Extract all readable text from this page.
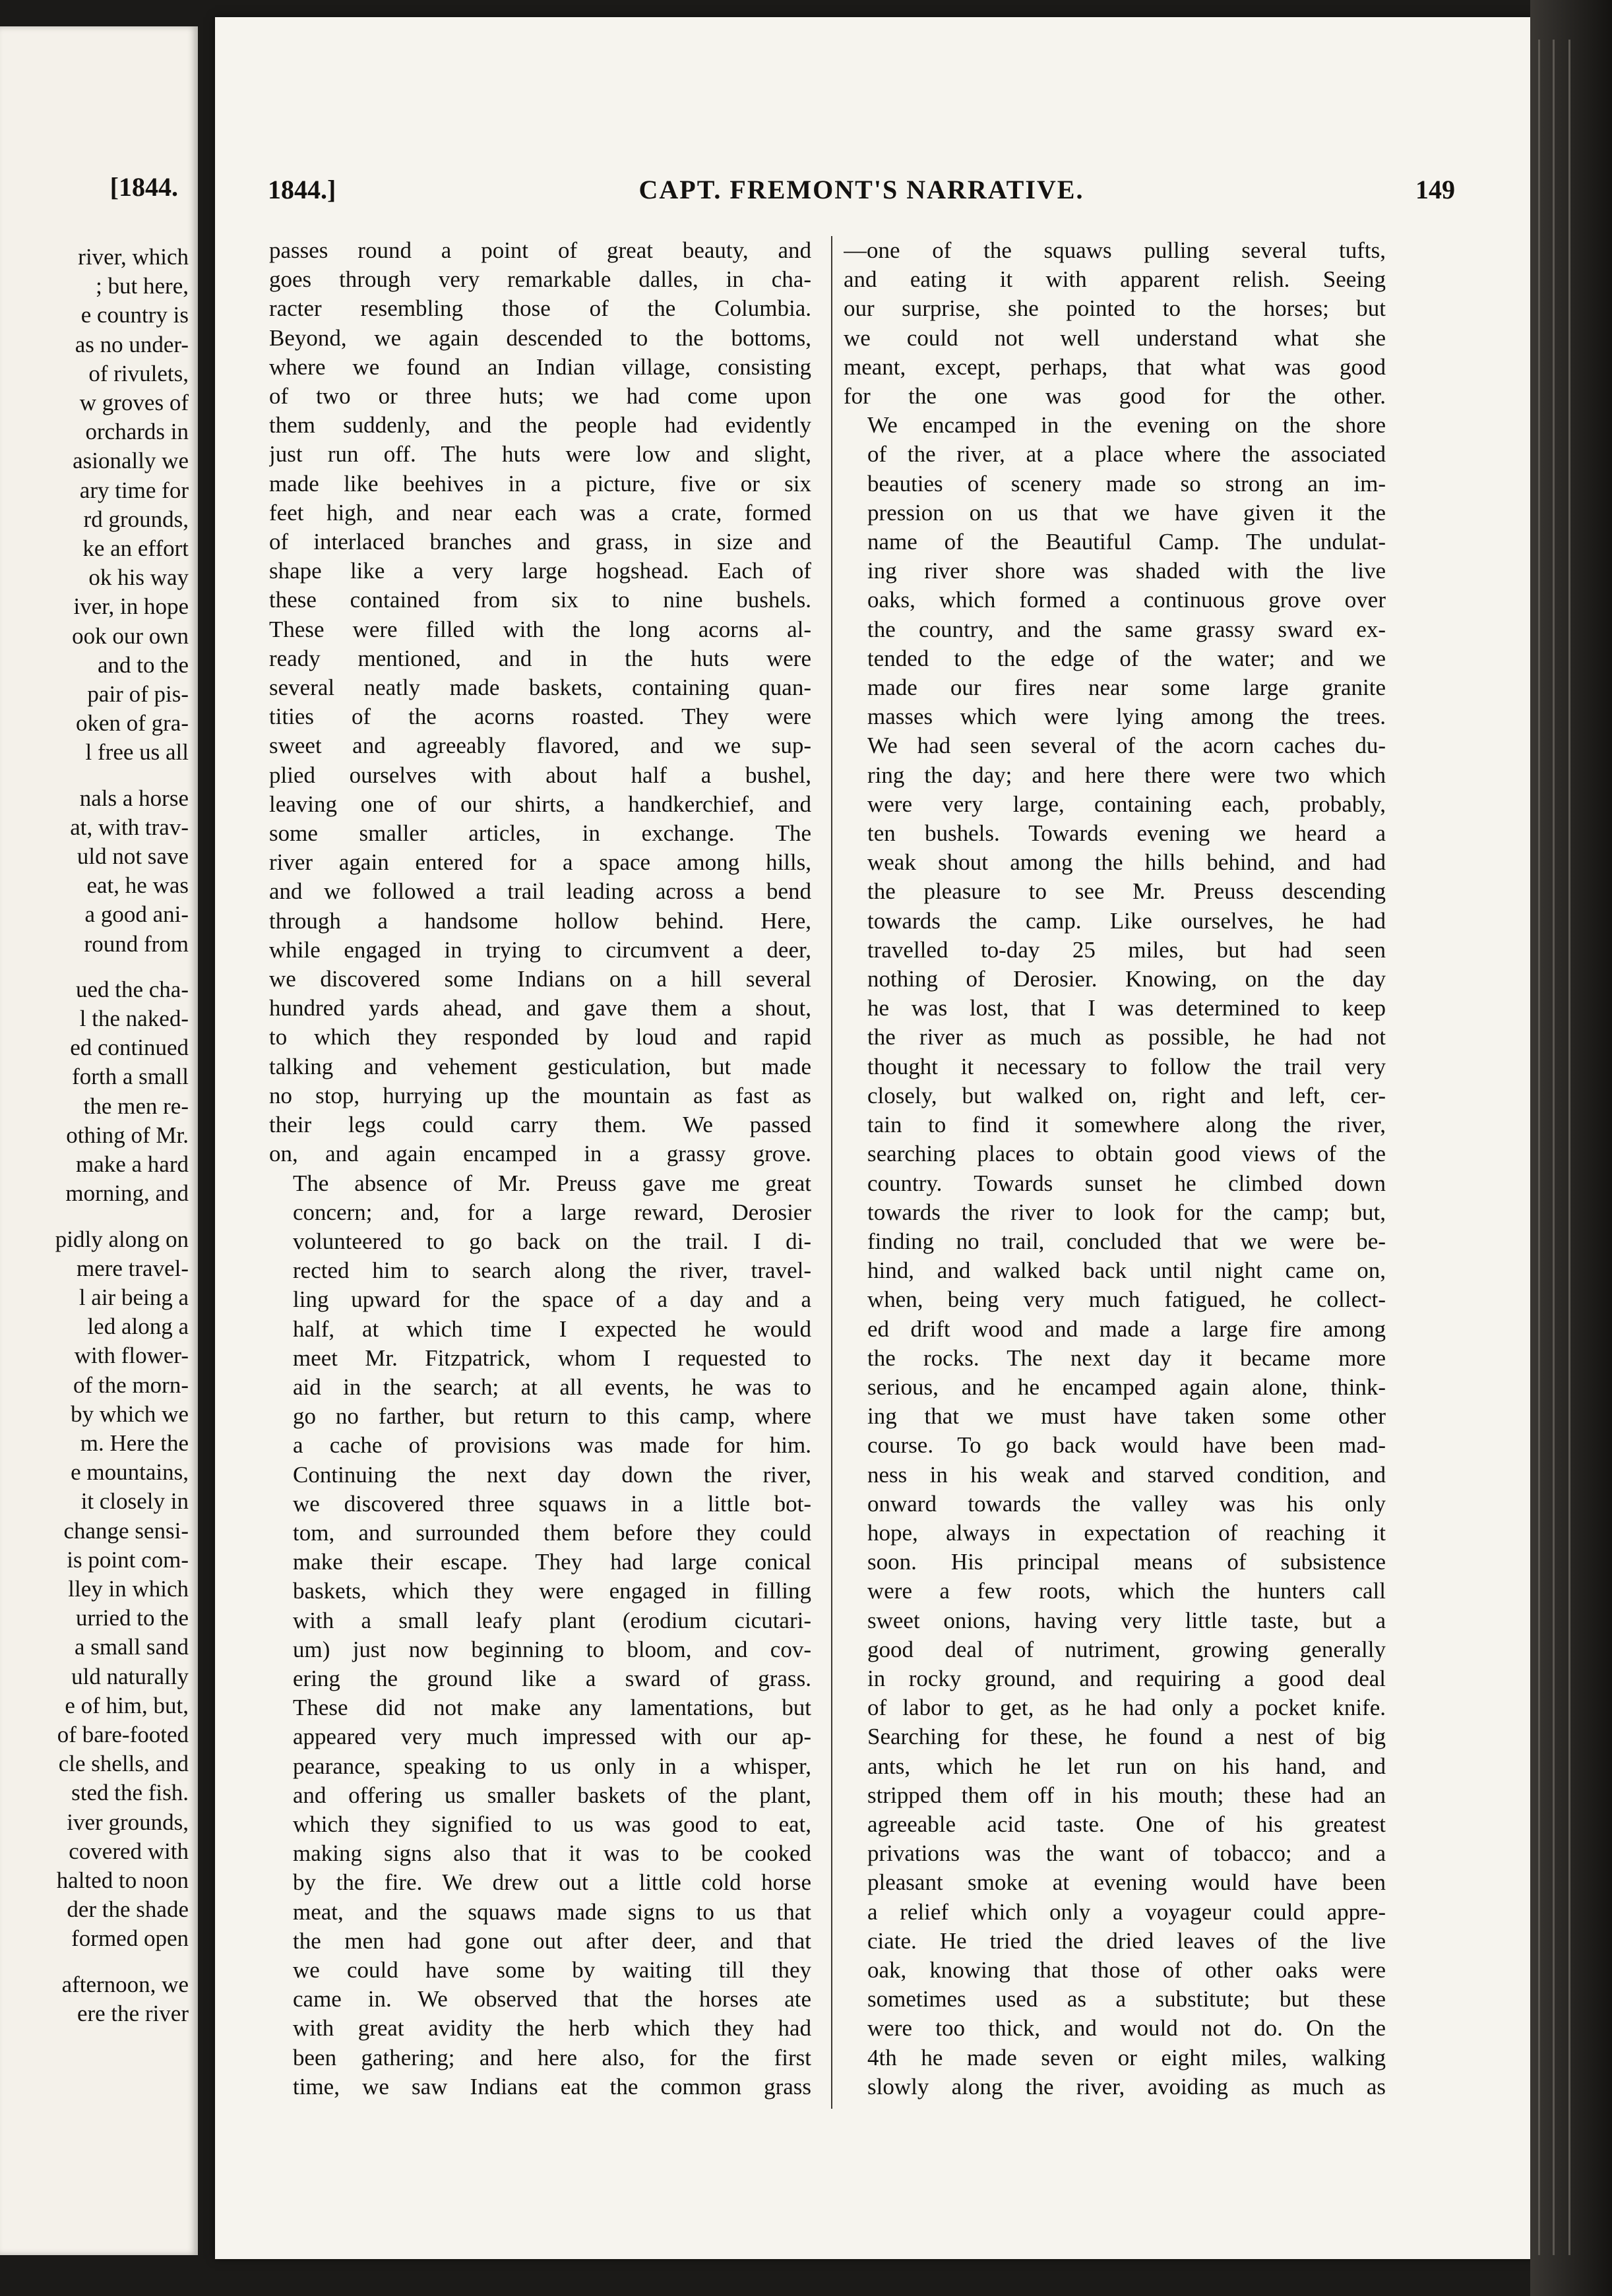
[1844.
river, which
; but here,
e country is
as no under-
of rivulets,
w groves of
orchards in
asionally we
ary time for
rd grounds,
ke an effort
ok his way
iver, in hope
ook our own
and to the
pair of pis-
oken of gra-
l free us all
nals a horse
at, with trav-
uld not save
eat, he was
a good ani-
round from
ued the cha-
l the naked-
ed continued
forth a small
the men re-
othing of Mr.
make a hard
morning, and
pidly along on
mere travel-
l air being a
led along a
with flower-
of the morn-
by which we
m. Here the
e mountains,
it closely in
change sensi-
is point com-
lley in which
urried to the
a small sand
uld naturally
e of him, but,
of bare-footed
cle shells, and
sted the fish.
iver grounds,
covered with
halted to noon
der the shade
formed open
afternoon, we
ere the river
1844.]	CAPT. FREMONT'S NARRATIVE.	149
passes round a point of great beauty, and
goes through very remarkable dalles, in cha-
racter resembling those of the Columbia.
Beyond, we again descended to the bottoms,
where we found an Indian village, consisting
of two or three huts; we had come upon
them suddenly, and the people had evidently
just run off. The huts were low and slight,
made like beehives in a picture, five or six
feet high, and near each was a crate, formed
of interlaced branches and grass, in size and
shape like a very large hogshead. Each of
these contained from six to nine bushels.
These were filled with the long acorns al-
ready mentioned, and in the huts were
several neatly made baskets, containing quan-
tities of the acorns roasted. They were
sweet and agreeably flavored, and we sup-
plied ourselves with about half a bushel,
leaving one of our shirts, a handkerchief, and
some smaller articles, in exchange. The
river again entered for a space among hills,
and we followed a trail leading across a bend
through a handsome hollow behind. Here,
while engaged in trying to circumvent a deer,
we discovered some Indians on a hill several
hundred yards ahead, and gave them a shout,
to which they responded by loud and rapid
talking and vehement gesticulation, but made
no stop, hurrying up the mountain as fast as
their legs could carry them. We passed
on, and again encamped in a grassy grove.
The absence of Mr. Preuss gave me great
concern; and, for a large reward, Derosier
volunteered to go back on the trail. I di-
rected him to search along the river, travel-
ling upward for the space of a day and a
half, at which time I expected he would
meet Mr. Fitzpatrick, whom I requested to
aid in the search; at all events, he was to
go no farther, but return to this camp, where
a cache of provisions was made for him.
Continuing the next day down the river,
we discovered three squaws in a little bot-
tom, and surrounded them before they could
make their escape. They had large conical
baskets, which they were engaged in filling
with a small leafy plant (erodium cicutari-
um) just now beginning to bloom, and cov-
ering the ground like a sward of grass.
These did not make any lamentations, but
appeared very much impressed with our ap-
pearance, speaking to us only in a whisper,
and offering us smaller baskets of the plant,
which they signified to us was good to eat,
making signs also that it was to be cooked
by the fire. We drew out a little cold horse
meat, and the squaws made signs to us that
the men had gone out after deer, and that
we could have some by waiting till they
came in. We observed that the horses ate
with great avidity the herb which they had
been gathering; and here also, for the first
time, we saw Indians eat the common grass
—one of the squaws pulling several tufts,
and eating it with apparent relish. Seeing
our surprise, she pointed to the horses; but
we could not well understand what she
meant, except, perhaps, that what was good
for the one was good for the other.
We encamped in the evening on the shore
of the river, at a place where the associated
beauties of scenery made so strong an im-
pression on us that we have given it the
name of the Beautiful Camp. The undulat-
ing river shore was shaded with the live
oaks, which formed a continuous grove over
the country, and the same grassy sward ex-
tended to the edge of the water; and we
made our fires near some large granite
masses which were lying among the trees.
We had seen several of the acorn caches du-
ring the day; and here there were two which
were very large, containing each, probably,
ten bushels. Towards evening we heard a
weak shout among the hills behind, and had
the pleasure to see Mr. Preuss descending
towards the camp. Like ourselves, he had
travelled to-day 25 miles, but had seen
nothing of Derosier. Knowing, on the day
he was lost, that I was determined to keep
the river as much as possible, he had not
thought it necessary to follow the trail very
closely, but walked on, right and left, cer-
tain to find it somewhere along the river,
searching places to obtain good views of the
country. Towards sunset he climbed down
towards the river to look for the camp; but,
finding no trail, concluded that we were be-
hind, and walked back until night came on,
when, being very much fatigued, he collect-
ed drift wood and made a large fire among
the rocks. The next day it became more
serious, and he encamped again alone, think-
ing that we must have taken some other
course. To go back would have been mad-
ness in his weak and starved condition, and
onward towards the valley was his only
hope, always in expectation of reaching it
soon. His principal means of subsistence
were a few roots, which the hunters call
sweet onions, having very little taste, but a
good deal of nutriment, growing generally
in rocky ground, and requiring a good deal
of labor to get, as he had only a pocket knife.
Searching for these, he found a nest of big
ants, which he let run on his hand, and
stripped them off in his mouth; these had an
agreeable acid taste. One of his greatest
privations was the want of tobacco; and a
pleasant smoke at evening would have been
a relief which only a voyageur could appre-
ciate. He tried the dried leaves of the live
oak, knowing that those of other oaks were
sometimes used as a substitute; but these
were too thick, and would not do. On the
4th he made seven or eight miles, walking
slowly along the river, avoiding as much as
